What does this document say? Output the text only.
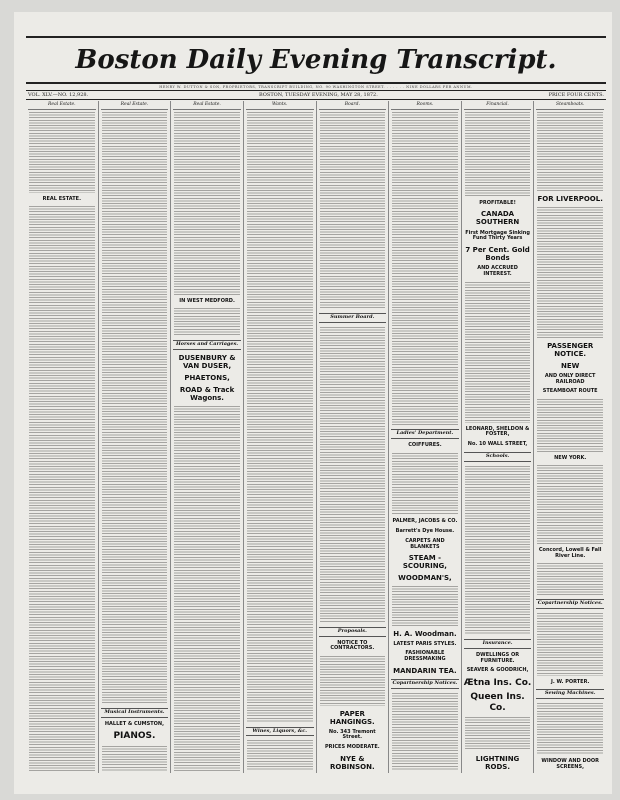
Boston Daily Evening Transcript.
HENRY W. DUTTON & SON, PROPRIETORS, TRANSCRIPT BUILDING, NO. 90 WASHINGTON STREET. . . . . . . NINE DOLLARS PER ANNUM.
VOL. XLV.—NO. 12,928.	BOSTON, TUESDAY EVENING, MAY 28, 1872.	PRICE FOUR CENTS.
Real Estate.
REAL ESTATE.
Real Estate.
Musical Instruments.
HALLET & CUMSTON,
PIANOS.
Real Estate.
IN WEST MEDFORD.
Horses and Carriages.
DUSENBURY & VAN DUSER,
PHAETONS,
ROAD & Track Wagons.
Wants.
Wines, Liquors, &c.
Board.
Summer Board.
Proposals.
NOTICE TO CONTRACTORS.
PAPER HANGINGS.
No. 343 Tremont Street.
PRICES MODERATE.
NYE & ROBINSON.
Rooms.
Ladies' Department.
COIFFURES.
PALMER, JACOBS & CO.
Barrett's Dye House.
CARPETS AND BLANKETS
STEAM - SCOURING,
WOODMAN'S,
H. A. Woodman.
LATEST PARIS STYLES.
FASHIONABLE DRESSMAKING
MANDARIN TEA.
Copartnership Notices.
Financial.
PROFITABLE!
CANADA SOUTHERN
First Mortgage Sinking Fund Thirty Years
7 Per Cent. Gold Bonds
AND ACCRUED INTEREST.
LEONARD, SHELDON & FOSTER,
No. 10 WALL STREET,
Schools.
Insurance.
DWELLINGS OR FURNITURE.
SEAVER & GOODRICH,
Ætna Ins. Co.
Queen Ins. Co.
LIGHTNING RODS.
Steamboats.
FOR LIVERPOOL.
PASSENGER NOTICE.
NEW
AND ONLY DIRECT RAILROAD
STEAMBOAT ROUTE
NEW YORK.
Concord, Lowell & Fall River Line.
Copartnership Notices.
J. W. PORTER.
Sewing Machines.
WINDOW AND DOOR SCREENS,
